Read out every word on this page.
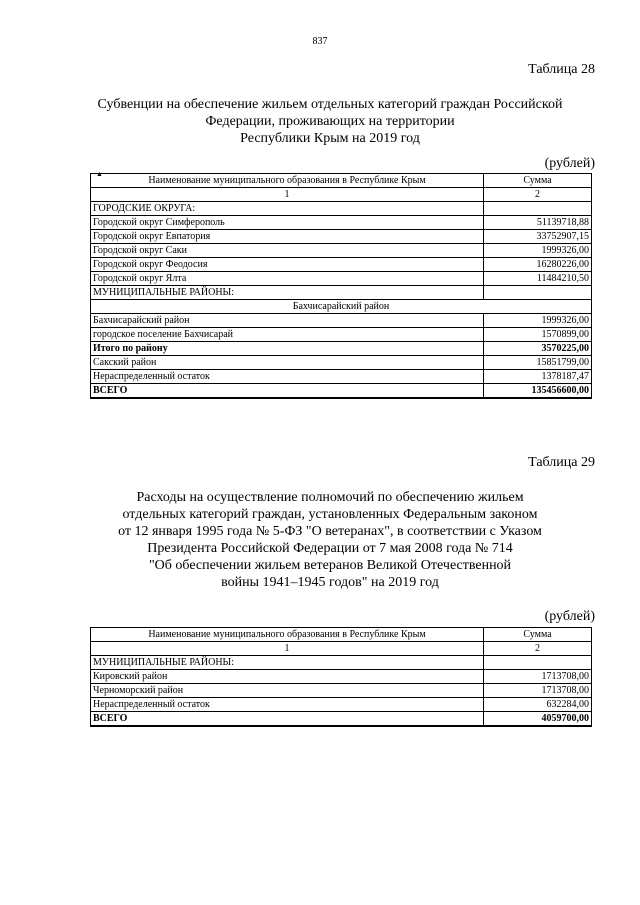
837
Таблица 28
Субвенции на обеспечение жильем отдельных категорий граждан Российской
Федерации, проживающих на территории
Республики Крым на 2019 год
(рублей)
▲
Наименование муниципального образования в Республике Крым	Сумма
1	2
ГОРОДСКИЕ ОКРУГА:	
Городской округ Симферополь	51139718,88
Городской округ Евпатория	33752907,15
Городской округ Саки	1999326,00
Городской округ Феодосия	16280226,00
Городской округ Ялта	11484210,50
МУНИЦИПАЛЬНЫЕ РАЙОНЫ:	
Бахчисарайский район	
Бахчисарайский район	1999326,00
городское поселение Бахчисарай	1570899,00
Итого по району	3570225,00
Сакский район	15851799,00
Нераспределенный остаток	1378187,47
ВСЕГО	135456600,00
Таблица 29
Расходы на осуществление полномочий по обеспечению жильем
отдельных категорий граждан, установленных Федеральным законом
от 12 января 1995 года № 5-ФЗ "О ветеранах", в соответствии с Указом
Президента Российской Федерации от 7 мая 2008 года № 714
"Об обеспечении жильем ветеранов Великой Отечественной
войны 1941–1945 годов" на 2019 год
(рублей)
Наименование муниципального образования в Республике Крым	Сумма
1	2
МУНИЦИПАЛЬНЫЕ РАЙОНЫ:	
Кировский район	1713708,00
Черноморский район	1713708,00
Нераспределенный остаток	632284,00
ВСЕГО	4059700,00
